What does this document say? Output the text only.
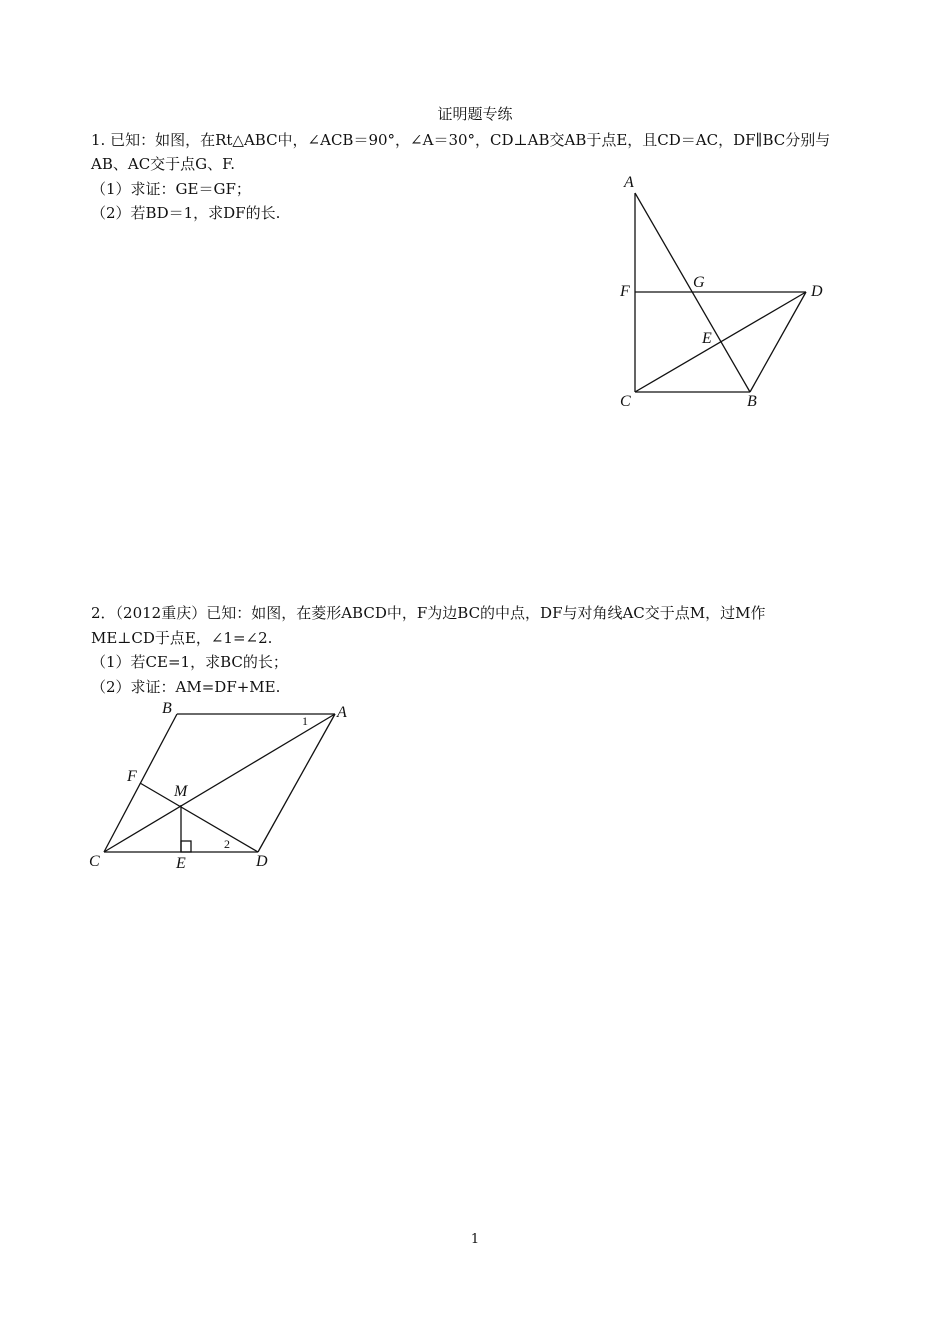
证明题专练
1. 已知：如图，在Rt△ABC中，∠ACB＝90°，∠A＝30°，CD⊥AB交AB于点E，且CD＝AC，DF∥BC分别与
AB、AC交于点G、F.
（1）求证：GE＝GF；
（2）若BD＝1，求DF的长.
A
F
G
D
E
C	B
2．（2012重庆）已知：如图，在菱形ABCD中，F为边BC的中点，DF与对角线AC交于点M，过M作
ME⊥CD于点E，∠1=∠2.
（1）若CE=1，求BC的长；
（2）求证：AM=DF+ME.
B	A
1
F
M
2
C	E	D
1
